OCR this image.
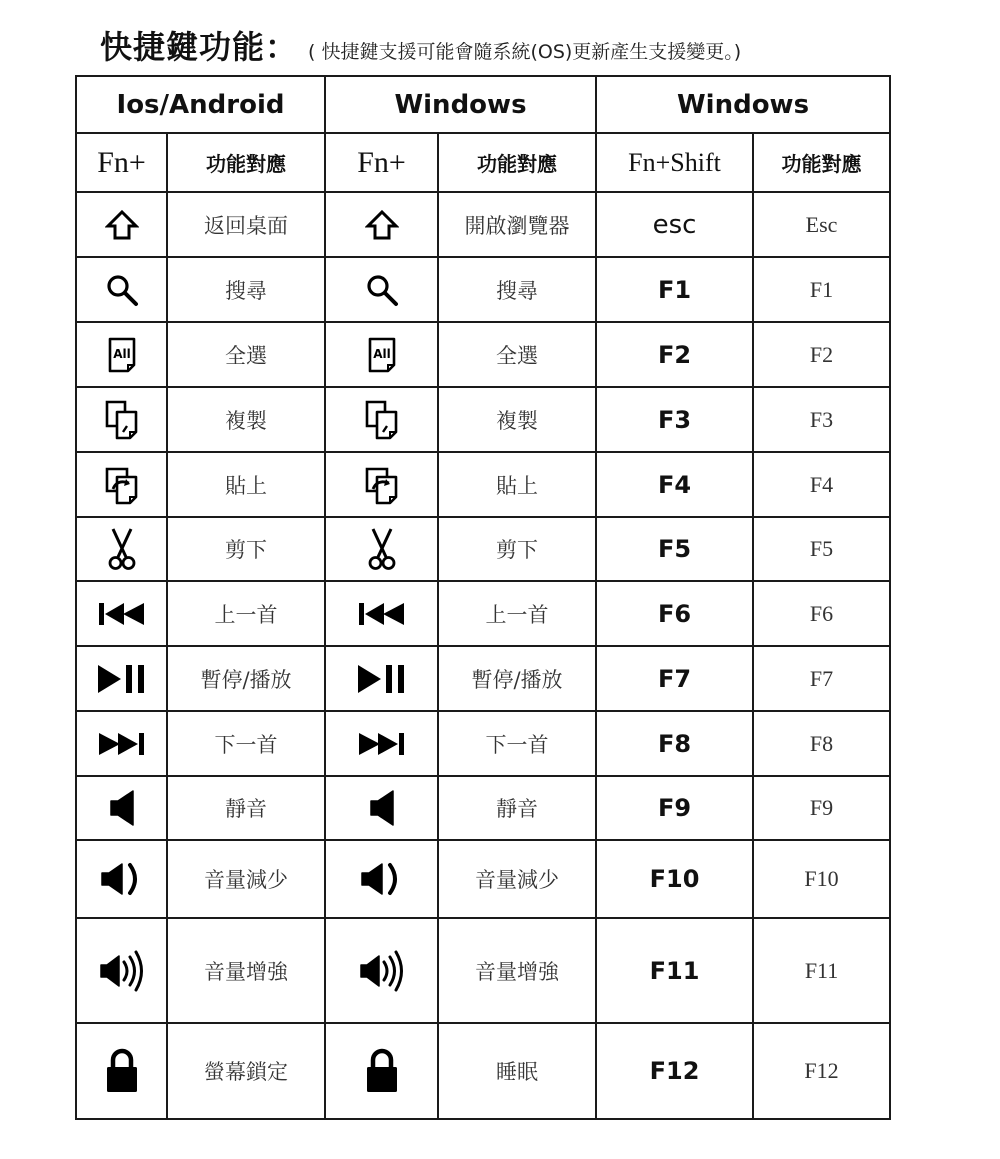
快捷鍵功能： ( 快捷鍵支援可能會隨系統(OS)更新產生支援變更。)
Ios/Android		Windows		Windows	
Fn+	功能對應	Fn+	功能對應	Fn+Shift	功能對應

	返回桌面		開啟瀏覽器	esc	Esc

	搜尋		搜尋	F1	F1

All	全選	All	全選	F2	F2

	複製		複製	F3	F3

	貼上		貼上	F4	F4

	剪下		剪下	F5	F5

	上一首		上一首	F6	F6

	暫停/播放		暫停/播放	F7	F7

	下一首		下一首	F8	F8

	靜音		靜音	F9	F9

	音量減少		音量減少	F10	F10

	音量增強		音量增強	F11	F11

	螢幕鎖定		睡眠	F12	F12
